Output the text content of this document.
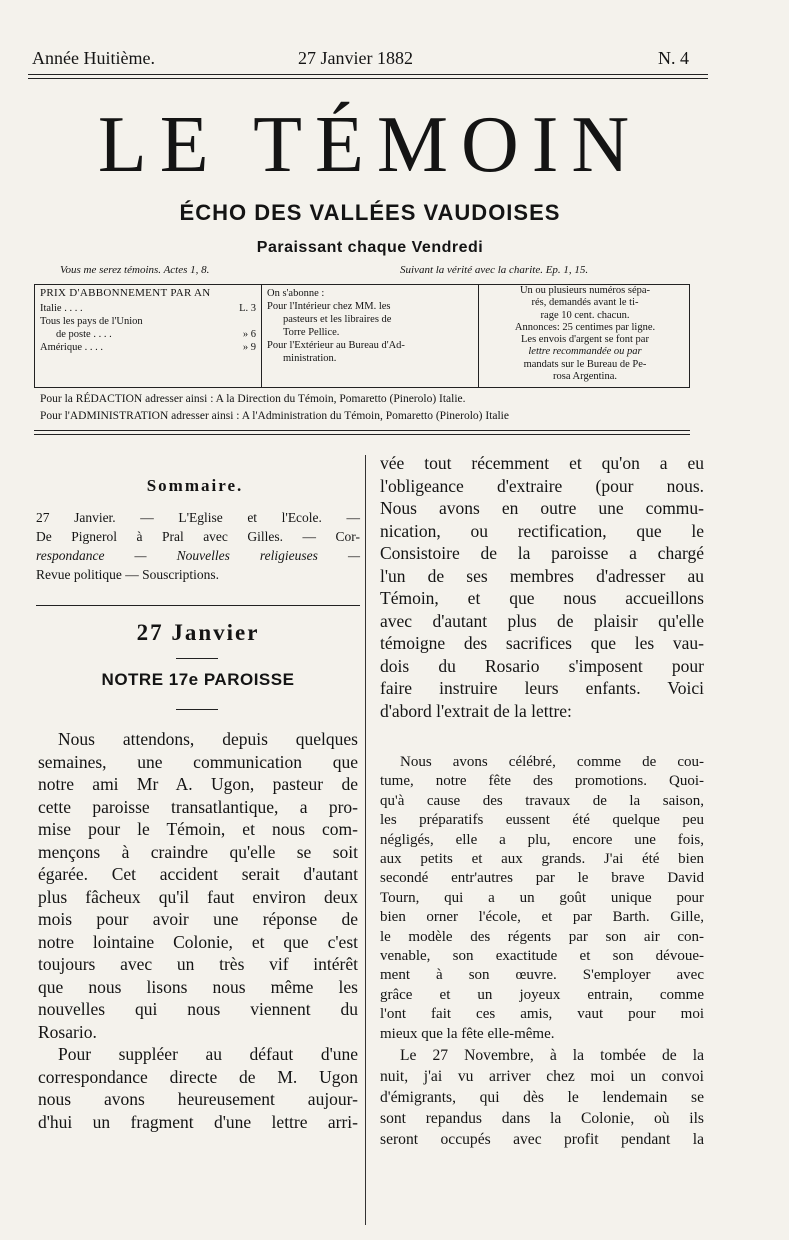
Année Huitième.	27 Janvier 1882	N. 4
LE TÉMOIN
ÉCHO DES VALLÉES VAUDOISES
Paraissant chaque Vendredi
Vous me serez témoins. Actes 1, 8.	Suivant la vérité avec la charite. Ep. 1, 15.
PRIX D'ABBONNEMENT PAR AN
Italie . . . .	L. 3
Tous les pays de l'Union
de poste . . . .	» 6
Amérique . . . .	» 9
On s'abonne :
Pour l'Intérieur chez MM. les
pasteurs et les libraires de
Torre Pellice.
Pour l'Extérieur au Bureau d'Ad-
ministration.
Un ou plusieurs numéros sépa-
rés, demandés avant le ti-
rage 10 cent. chacun.
Annonces: 25 centimes par ligne.
Les envois d'argent se font par
lettre recommandée ou par
mandats sur le Bureau de Pe-
rosa Argentina.
Pour la RÉDACTION adresser ainsi : A la Direction du Témoin, Pomaretto (Pinerolo) Italie.
Pour l'ADMINISTRATION adresser ainsi : A l'Administration du Témoin, Pomaretto (Pinerolo) Italie
Sommaire.
27 Janvier. — L'Eglise et l'Ecole. —
De Pignerol à Pral avec Gilles. — Cor-
respondance — Nouvelles religieuses —
Revue politique — Souscriptions.
27 Janvier
NOTRE 17e PAROISSE
Nous attendons, depuis quelques
semaines, une communication que
notre ami Mr A. Ugon, pasteur de
cette paroisse transatlantique, a pro-
mise pour le Témoin, et nous com-
mençons à craindre qu'elle se soit
égarée. Cet accident serait d'autant
plus fâcheux qu'il faut environ deux
mois pour avoir une réponse de
notre lointaine Colonie, et que c'est
toujours avec un très vif intérêt
que nous lisons nous même les
nouvelles qui nous viennent du
Rosario.
Pour suppléer au défaut d'une
correspondance directe de M. Ugon
nous avons heureusement aujour-
d'hui un fragment d'une lettre arri-
vée tout récemment et qu'on a eu
l'obligeance d'extraire (pour nous.
Nous avons en outre une commu-
nication, ou rectification, que le
Consistoire de la paroisse a chargé
l'un de ses membres d'adresser au
Témoin, et que nous accueillons
avec d'autant plus de plaisir qu'elle
témoigne des sacrifices que les vau-
dois du Rosario s'imposent pour
faire instruire leurs enfants. Voici
d'abord l'extrait de la lettre:
Nous avons célébré, comme de cou-
tume, notre fête des promotions. Quoi-
qu'à cause des travaux de la saison,
les préparatifs eussent été quelque peu
négligés, elle a plu, encore une fois,
aux petits et aux grands. J'ai été bien
secondé entr'autres par le brave David
Tourn, qui a un goût unique pour
bien orner l'école, et par Barth. Gille,
le modèle des régents par son air con-
venable, son exactitude et son dévoue-
ment à son œuvre. S'employer avec
grâce et un joyeux entrain, comme
l'ont fait ces amis, vaut pour moi
mieux que la fête elle-même.
Le 27 Novembre, à la tombée de la
nuit, j'ai vu arriver chez moi un convoi
d'émigrants, qui dès le lendemain se
sont repandus dans la Colonie, où ils
seront occupés avec profit pendant la
